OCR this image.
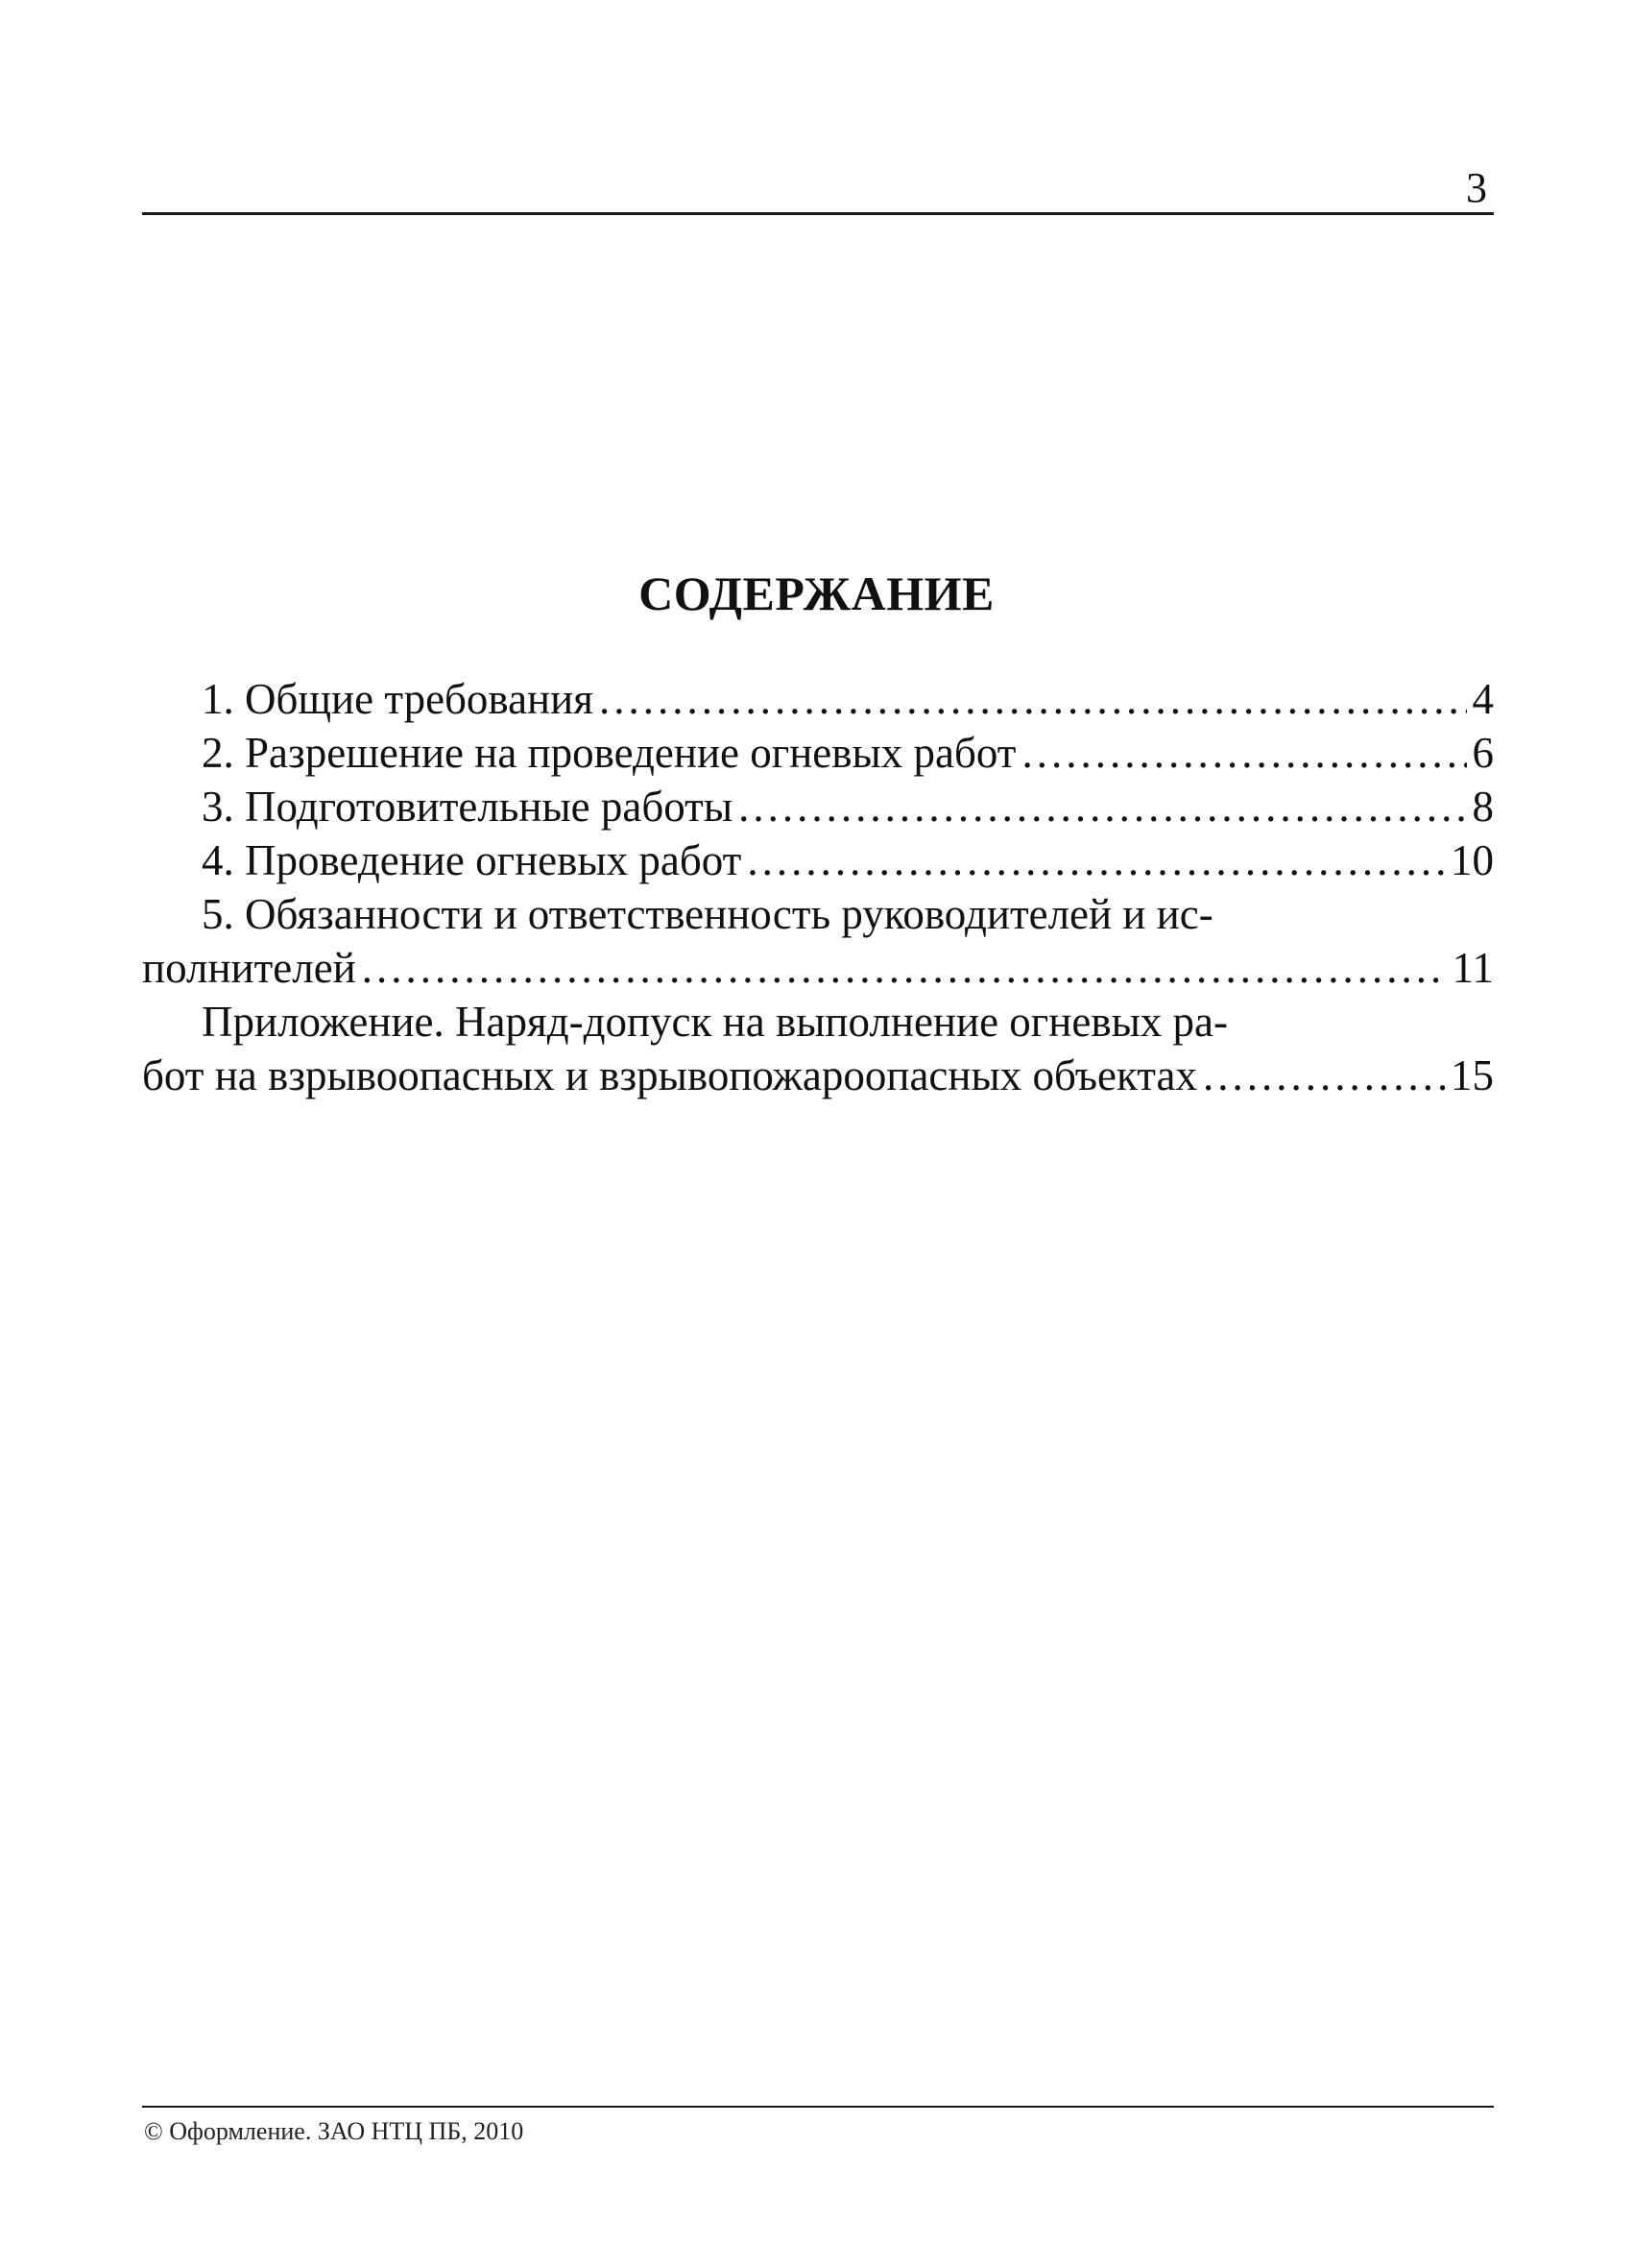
3
СОДЕРЖАНИЕ
1. Общие требования .....	4
2. Разрешение на проведение огневых работ .....	6
3. Подготовительные работы .....	8
4. Проведение огневых работ .....	10
5. Обязанности и ответственность руководителей и ис-
полнителей .....	11
Приложение. Наряд-допуск на выполнение огневых ра-
бот на взрывоопасных и взрывопожароопасных объектах .....	15
© Оформление. ЗАО НТЦ ПБ, 2010
